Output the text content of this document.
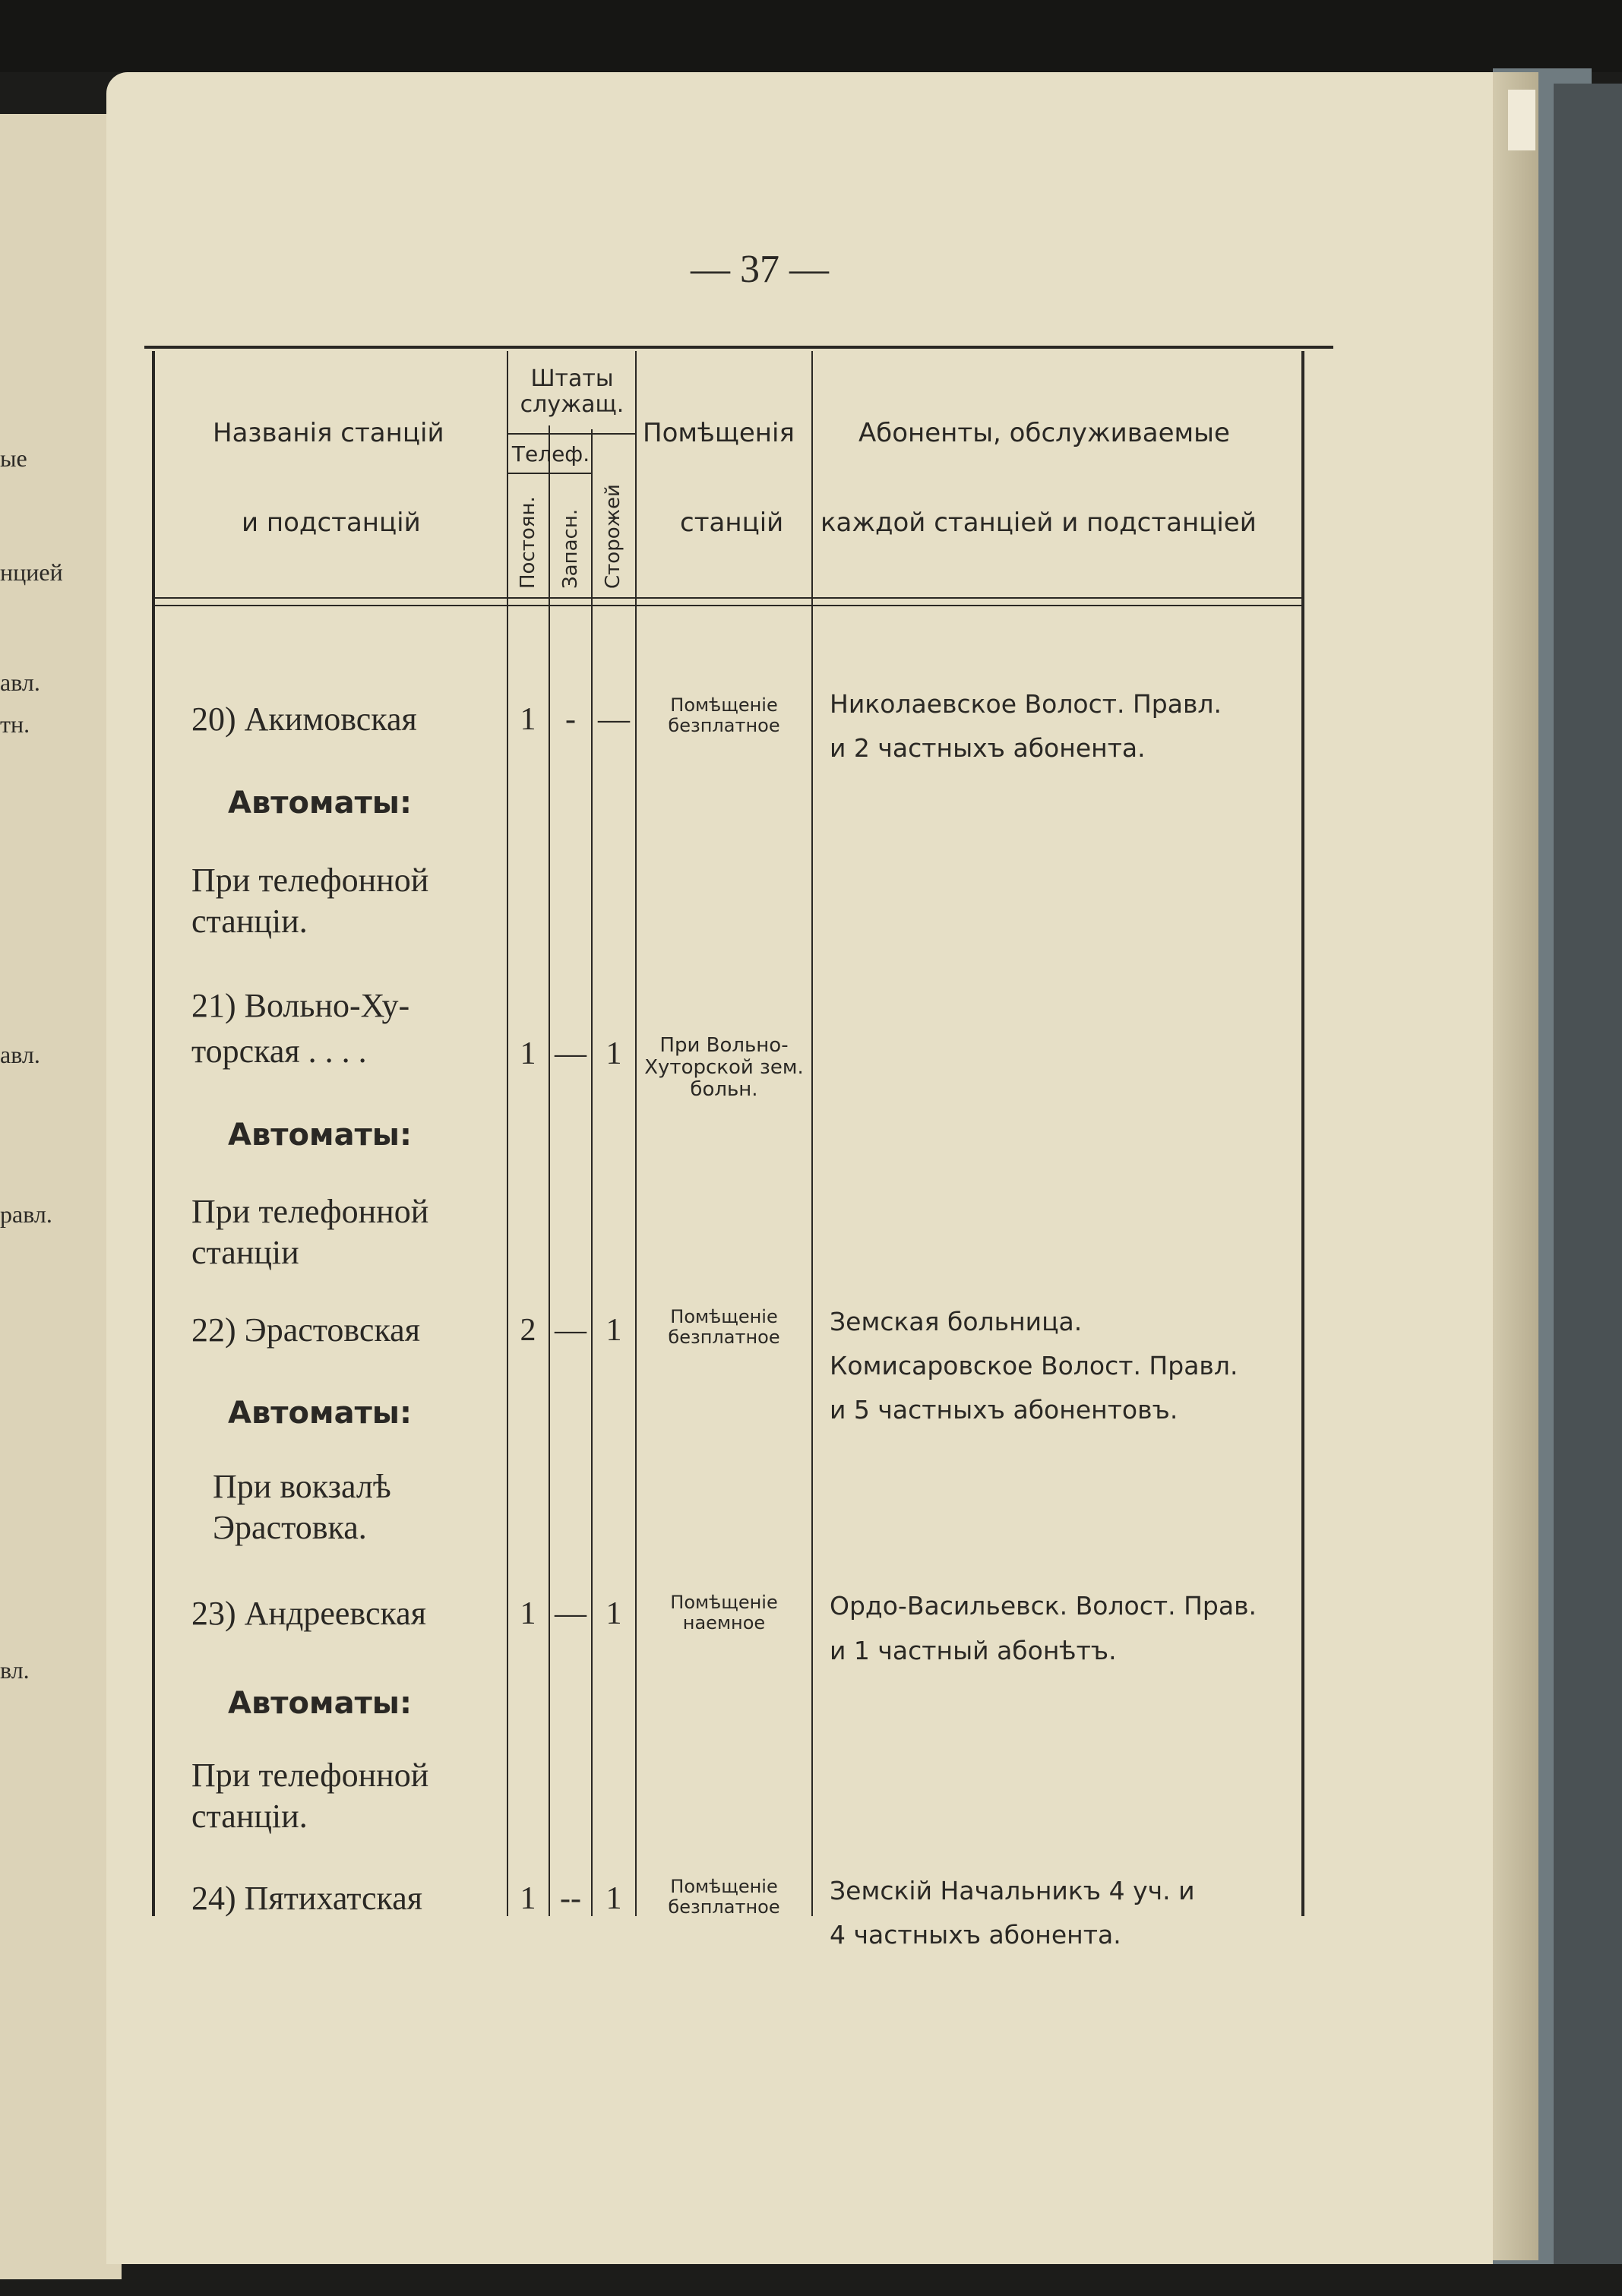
ые
нцией
авл.
тн.
авл.
равл.
вл.
— 37 —
Названія станцій
и подстанцій
Штаты служащ.
Телеф.
Постоян. Запасн. Сторожей
Помѣщенія
станцій
Абоненты, обслуживаемые
каждой станціей и подстанціей
20) Акимовская	1 - —	Помѣщеніе безплатное
Николаевское Волост. Правл.
и 2 частныхъ абонента.
Автоматы:
При телефонной станціи.
21) Вольно-Ху-
торская . . . .	1 — 1	При Вольно-Хуторской зем. больн.
Автоматы:
При телефонной станціи
22) Эрастовская	2 — 1	Помѣщеніе безплатное
Земская больница.
Комисаровское Волост. Правл.
и 5 частныхъ абонентовъ.
Автоматы:
При вокзалѣ Эрастовка.
23) Андреевская	1 — 1	Помѣщеніе наемное
Ордо-Васильевск. Волост. Прав.
и 1 частный абонѣтъ.
Автоматы:
При телефонной станціи.
24) Пятихатская	1 -- 1	Помѣщеніе безплатное
Земскій Начальникъ 4 уч. и
4 частныхъ абонента.
